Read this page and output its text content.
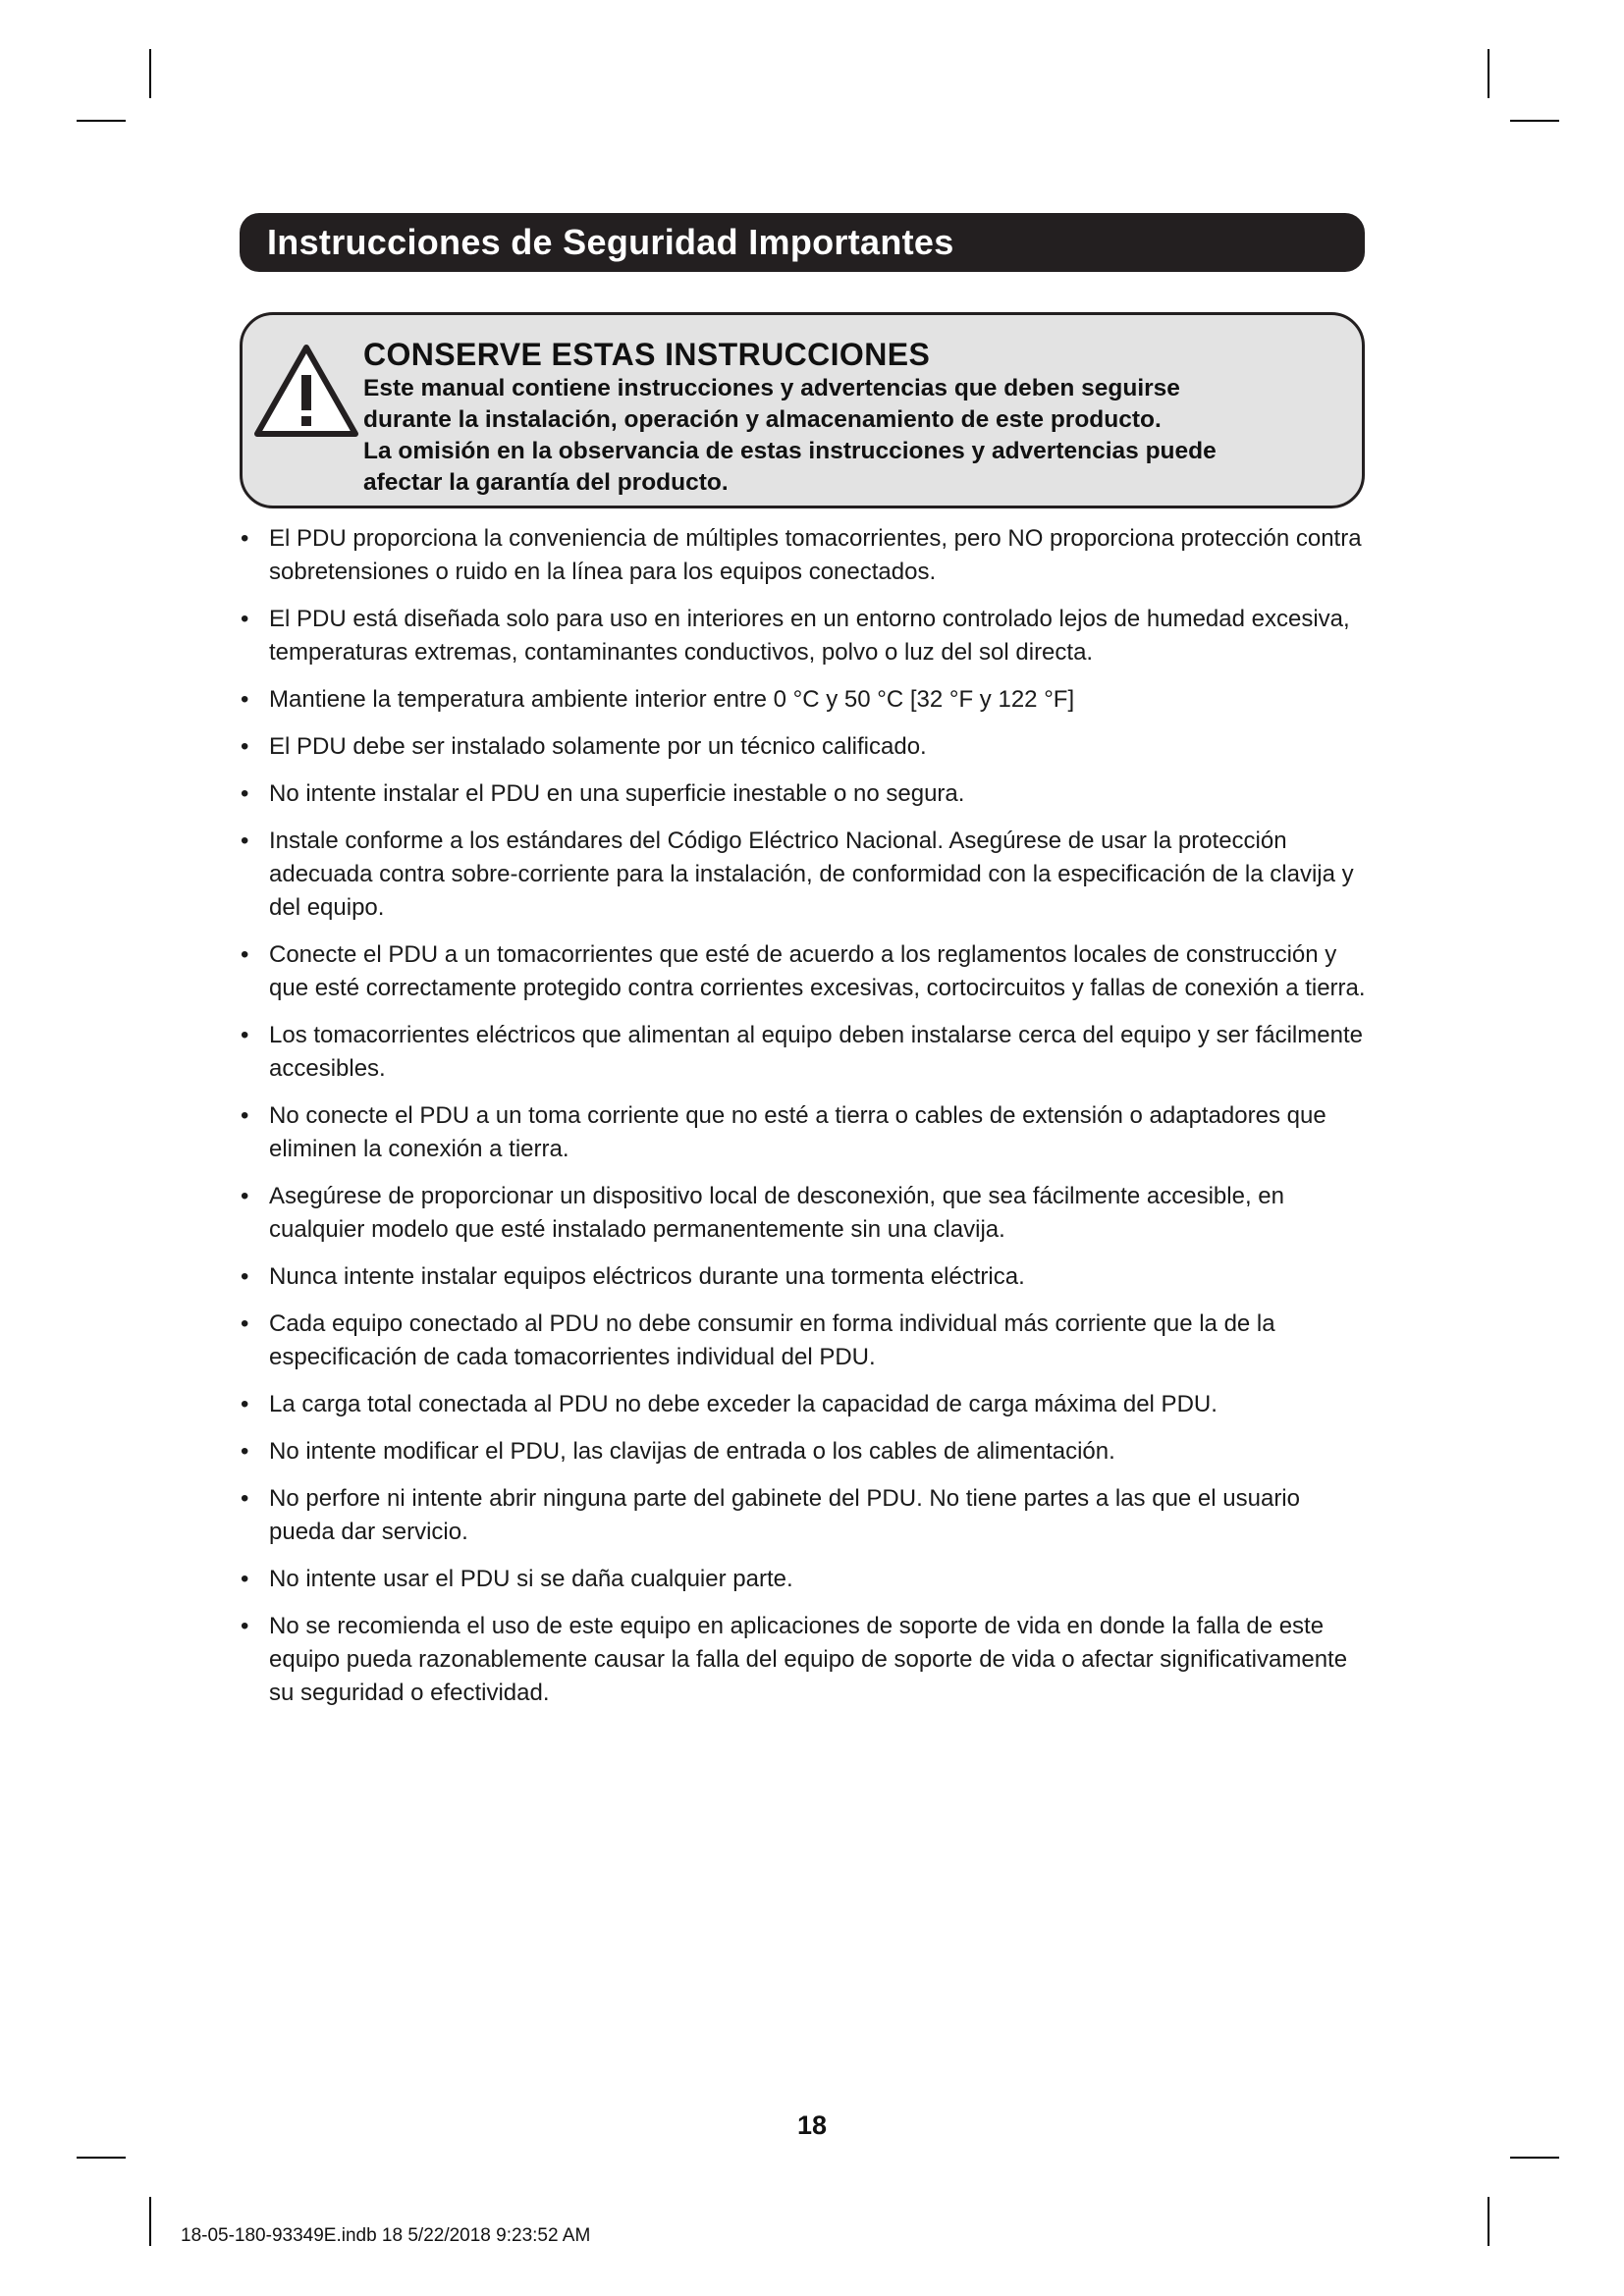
Instrucciones de Seguridad Importantes
CONSERVE ESTAS INSTRUCCIONES
Este manual contiene instrucciones y advertencias que deben seguirse
durante la instalación, operación y almacenamiento de este producto.
La omisión en la observancia de estas instrucciones y advertencias puede
afectar la garantía del producto.
• El PDU proporciona la conveniencia de múltiples tomacorrientes, pero NO proporciona protección contra sobretensiones o ruido en la línea para los equipos conectados.
• El PDU está diseñada solo para uso en interiores en un entorno controlado lejos de humedad excesiva, temperaturas extremas, contaminantes conductivos, polvo o luz del sol directa.
• Mantiene la temperatura ambiente interior entre 0 °C y 50 °C [32 °F y 122 °F]
• El PDU debe ser instalado solamente por un técnico calificado.
• No intente instalar el PDU en una superficie inestable o no segura.
• Instale conforme a los estándares del Código Eléctrico Nacional. Asegúrese de usar la protección adecuada contra sobre-corriente para la instalación, de conformidad con la especificación de la clavija y del equipo.
• Conecte el PDU a un tomacorrientes que esté de acuerdo a los reglamentos locales de construcción y que esté correctamente protegido contra corrientes excesivas, cortocircuitos y fallas de conexión a tierra.
• Los tomacorrientes eléctricos que alimentan al equipo deben instalarse cerca del equipo y ser fácilmente accesibles.
• No conecte el PDU a un toma corriente que no esté a tierra o cables de extensión o adaptadores que eliminen la conexión a tierra.
• Asegúrese de proporcionar un dispositivo local de desconexión, que sea fácilmente accesible, en cualquier modelo que esté instalado permanentemente sin una clavija.
• Nunca intente instalar equipos eléctricos durante una tormenta eléctrica.
• Cada equipo conectado al PDU no debe consumir en forma individual más corriente que la de la especificación de cada tomacorrientes individual del PDU.
• La carga total conectada al PDU no debe exceder la capacidad de carga máxima del PDU.
• No intente modificar el PDU, las clavijas de entrada o los cables de alimentación.
• No perfore ni intente abrir ninguna parte del gabinete del PDU. No tiene partes a las que el usuario pueda dar servicio.
• No intente usar el PDU si se daña cualquier parte.
• No se recomienda el uso de este equipo en aplicaciones de soporte de vida en donde la falla de este equipo pueda razonablemente causar la falla del equipo de soporte de vida o afectar significativamente su seguridad o efectividad.
18
18-05-180-93349E.indb 18 5/22/2018 9:23:52 AM
